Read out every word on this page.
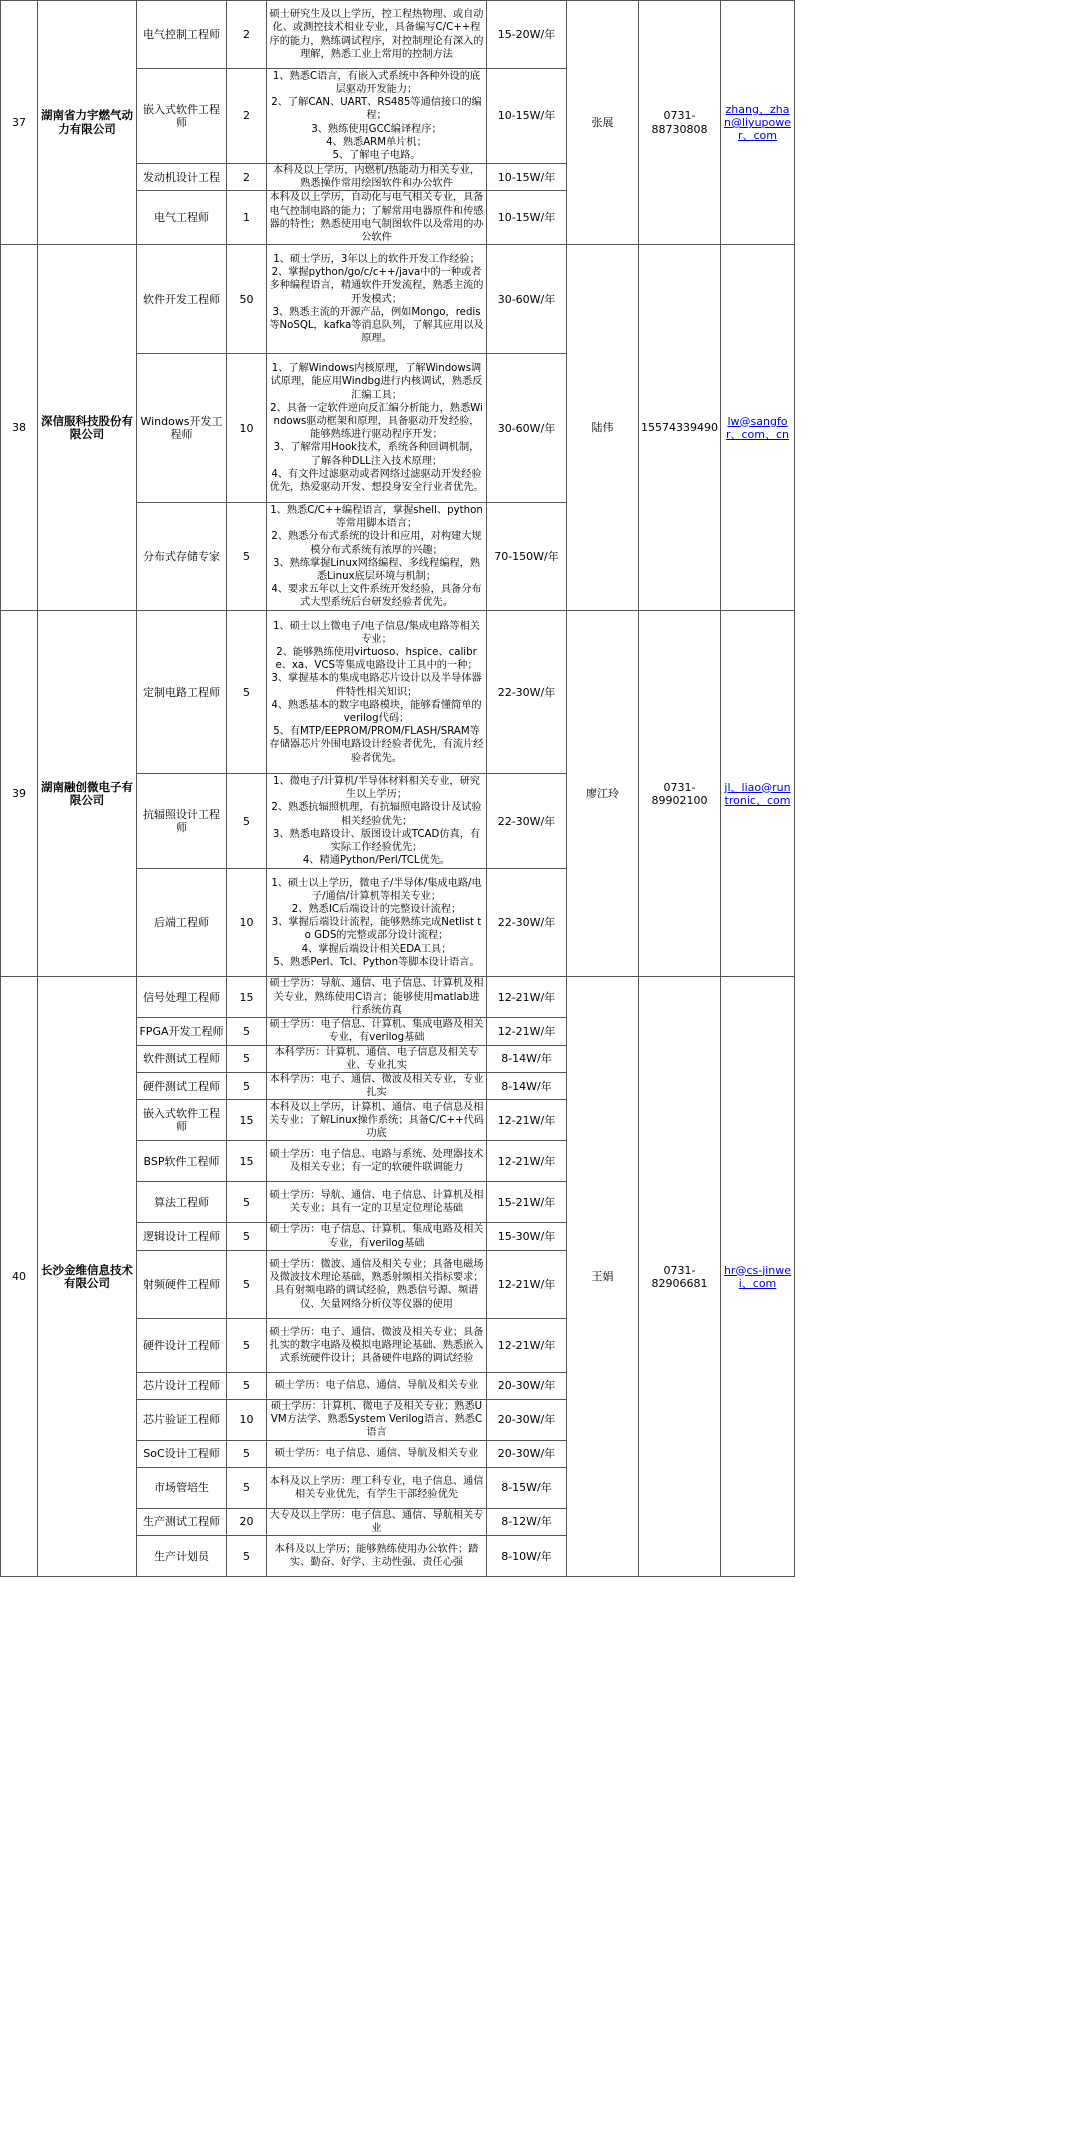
37	湖南省力宇燃气动力有限公司	电气控制工程师	2	硕士研究生及以上学历，控工程热物理、或自动化、或测控技术相业专业，具备编写C/C++程序的能力，熟练调试程序，对控制理论有深入的理解，熟悉工业上常用的控制方法	15-20W/年	张展	0731-88730808	zhang、zhan@liyupower、com
		嵌入式软件工程师	2	1、熟悉C语言，有嵌入式系统中各种外设的底层驱动开发能力；
2、了解CAN、UART、RS485等通信接口的编程；
3、熟练使用GCC编译程序；
4、熟悉ARM单片机；
5、了解电子电路。	10-15W/年			
		发动机设计工程	2	本科及以上学历，内燃机/热能动力相关专业，熟悉操作常用绘图软件和办公软件	10-15W/年			
		电气工程师	1	本科及以上学历，自动化与电气相关专业，具备电气控制电路的能力；了解常用电器原件和传感器的特性；熟悉使用电气制图软件以及常用的办公软件	10-15W/年			
38	深信服科技股份有限公司	软件开发工程师	50	1、硕士学历，3年以上的软件开发工作经验；
2、掌握python/go/c/c++/java中的一种或者多种编程语言，精通软件开发流程，熟悉主流的开发模式；
3、熟悉主流的开源产品，例如Mongo，redis等NoSQL，kafka等消息队列，了解其应用以及原理。	30-60W/年	陆伟	15574339490	lw@sangfor、com、cn
		Windows开发工程师	10	1、了解Windows内核原理，了解Windows调试原理，能应用Windbg进行内核调试，熟悉反汇编工具；
2、具备一定软件逆向反汇编分析能力，熟悉Windows驱动框架和原理，具备驱动开发经验，能够熟练进行驱动程序开发；
3、了解常用Hook技术，系统各种回调机制，了解各种DLL注入技术原理；
4、有文件过滤驱动或者网络过滤驱动开发经验优先，热爱驱动开发、想投身安全行业者优先。	30-60W/年			
		分布式存储专家	5	1、熟悉C/C++编程语言，掌握shell、python等常用脚本语言；
2、熟悉分布式系统的设计和应用，对构建大规模分布式系统有浓厚的兴趣；
3、熟练掌握Linux网络编程、多线程编程，熟悉Linux底层环境与机制；
4、要求五年以上文件系统开发经验，具备分布式大型系统后台研发经验者优先。	70-150W/年			
39	湖南融创微电子有限公司	定制电路工程师	5	1、硕士以上微电子/电子信息/集成电路等相关专业；
2、能够熟练使用virtuoso、hspice、calibre、xa、VCS等集成电路设计工具中的一种；
3、掌握基本的集成电路芯片设计以及半导体器件特性相关知识；
4、熟悉基本的数字电路模块，能够看懂简单的verilog代码；
5、有MTP/EEPROM/PROM/FLASH/SRAM等存储器芯片外围电路设计经验者优先，有流片经验者优先。	22-30W/年	廖江玲	0731-89902100	jl、liao@runtronic、com
		抗辐照设计工程师	5	1、微电子/计算机/半导体材料相关专业，研究生以上学历；
2、熟悉抗辐照机理，有抗辐照电路设计及试验相关经验优先；
3、熟悉电路设计、版图设计或TCAD仿真，有实际工作经验优先；
4、精通Python/Perl/TCL优先。	22-30W/年			
		后端工程师	10	1、硕士以上学历，微电子/半导体/集成电路/电子/通信/计算机等相关专业；
2、熟悉IC后端设计的完整设计流程；
3、掌握后端设计流程，能够熟练完成Netlist to GDS的完整或部分设计流程；
4、掌握后端设计相关EDA工具；
5、熟悉Perl、Tcl、Python等脚本设计语言。	22-30W/年			
40	长沙金维信息技术有限公司	信号处理工程师	15	硕士学历：导航、通信、电子信息、计算机及相关专业，熟练使用C语言；能够使用matlab进行系统仿真	12-21W/年	王娟	0731-82906681	hr@cs-jinwei、com
		FPGA开发工程师	5	硕士学历：电子信息、计算机、集成电路及相关专业，有verilog基础	12-21W/年			
		软件测试工程师	5	本科学历：计算机、通信、电子信息及相关专业、专业扎实	8-14W/年			
		硬件测试工程师	5	本科学历：电子、通信、微波及相关专业，专业扎实	8-14W/年			
		嵌入式软件工程师	15	本科及以上学历，计算机、通信、电子信息及相关专业；了解Linux操作系统；具备C/C++代码功底	12-21W/年			
		BSP软件工程师	15	硕士学历：电子信息、电路与系统、处理器技术及相关专业；有一定的软硬件联调能力	12-21W/年			
		算法工程师	5	硕士学历：导航、通信、电子信息、计算机及相关专业；具有一定的卫星定位理论基础	15-21W/年			
		逻辑设计工程师	5	硕士学历：电子信息、计算机、集成电路及相关专业，有verilog基础	15-30W/年			
		射频硬件工程师	5	硕士学历：微波、通信及相关专业；具备电磁场及微波技术理论基础，熟悉射频相关指标要求；具有射频电路的调试经验，熟悉信号源、频谱仪、矢量网络分析仪等仪器的使用	12-21W/年			
		硬件设计工程师	5	硕士学历：电子、通信、微波及相关专业；具备扎实的数字电路及模拟电路理论基础、熟悉嵌入式系统硬件设计；具备硬件电路的调试经验	12-21W/年			
		芯片设计工程师	5	硕士学历：电子信息、通信、导航及相关专业	20-30W/年			
		芯片验证工程师	10	硕士学历：计算机、微电子及相关专业；熟悉UVM方法学、熟悉System Verilog语言、熟悉C语言	20-30W/年			
		SoC设计工程师	5	硕士学历：电子信息、通信、导航及相关专业	20-30W/年			
		市场管培生	5	本科及以上学历：理工科专业，电子信息、通信相关专业优先，有学生干部经验优先	8-15W/年			
		生产测试工程师	20	大专及以上学历：电子信息、通信、导航相关专业	8-12W/年			
		生产计划员	5	本科及以上学历；能够熟练使用办公软件；踏实、勤奋、好学、主动性强、责任心强	8-10W/年			
